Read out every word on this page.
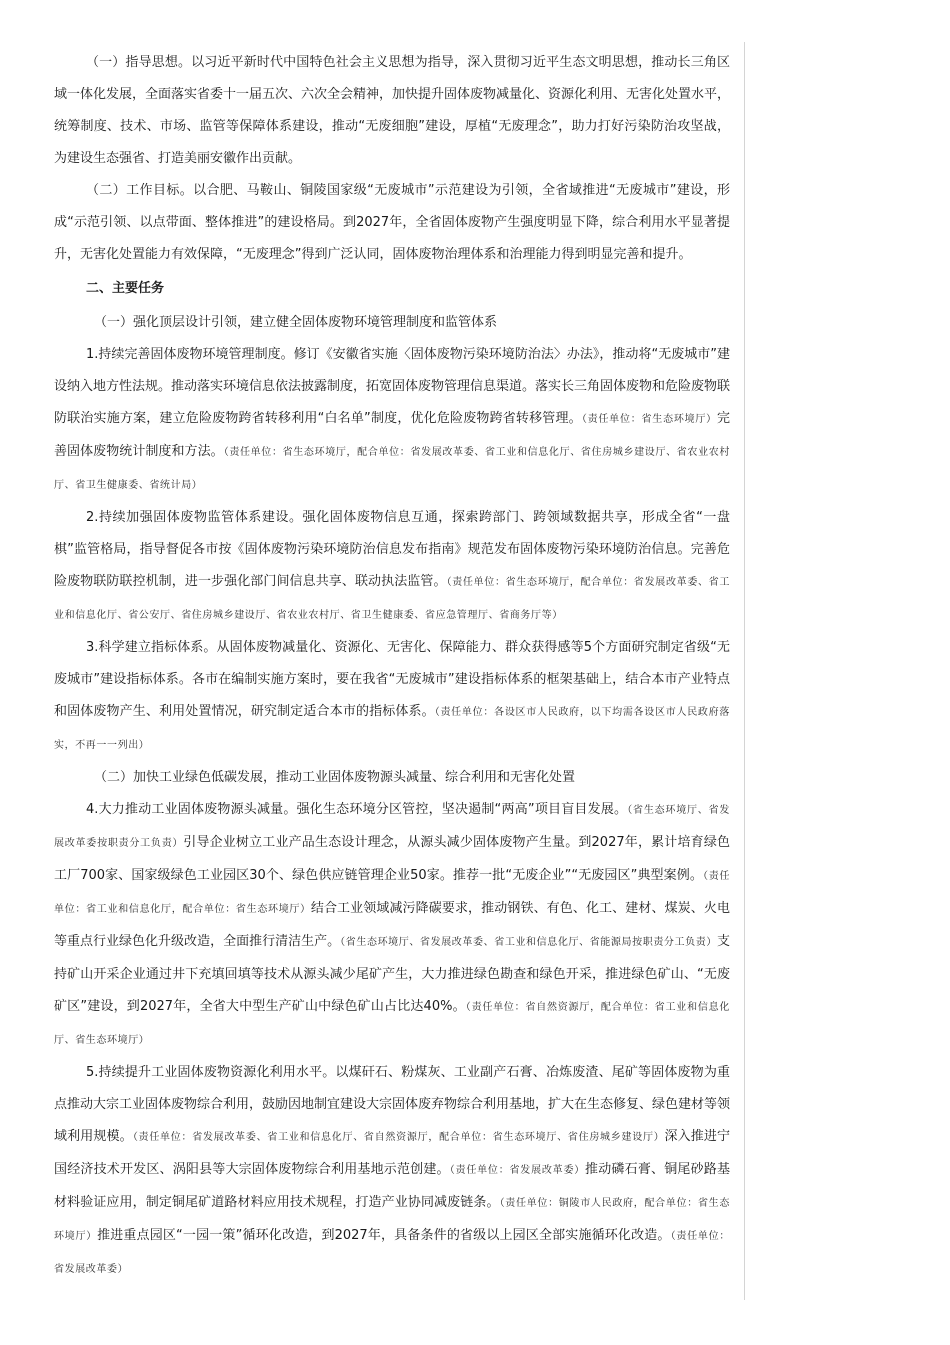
（一）指导思想。以习近平新时代中国特色社会主义思想为指导，深入贯彻习近平生态文明思想，推动长三角区域一体化发展，全面落实省委十一届五次、六次全会精神，加快提升固体废物减量化、资源化利用、无害化处置水平，统筹制度、技术、市场、监管等保障体系建设，推动“无废细胞”建设，厚植“无废理念”，助力打好污染防治攻坚战，为建设生态强省、打造美丽安徽作出贡献。

（二）工作目标。以合肥、马鞍山、铜陵国家级“无废城市”示范建设为引领，全省域推进“无废城市”建设，形成“示范引领、以点带面、整体推进”的建设格局。到2027年，全省固体废物产生强度明显下降，综合利用水平显著提升，无害化处置能力有效保障，“无废理念”得到广泛认同，固体废物治理体系和治理能力得到明显完善和提升。

二、主要任务

（一）强化顶层设计引领，建立健全固体废物环境管理制度和监管体系

1.持续完善固体废物环境管理制度。修订《安徽省实施〈固体废物污染环境防治法〉办法》，推动将“无废城市”建设纳入地方性法规。推动落实环境信息依法披露制度，拓宽固体废物管理信息渠道。落实长三角固体废物和危险废物联防联治实施方案，建立危险废物跨省转移利用“白名单”制度，优化危险废物跨省转移管理。（责任单位：省生态环境厅）完善固体废物统计制度和方法。（责任单位：省生态环境厅，配合单位：省发展改革委、省工业和信息化厅、省住房城乡建设厅、省农业农村厅、省卫生健康委、省统计局）

2.持续加强固体废物监管体系建设。强化固体废物信息互通，探索跨部门、跨领域数据共享，形成全省“一盘棋”监管格局，指导督促各市按《固体废物污染环境防治信息发布指南》规范发布固体废物污染环境防治信息。完善危险废物联防联控机制，进一步强化部门间信息共享、联动执法监管。（责任单位：省生态环境厅，配合单位：省发展改革委、省工业和信息化厅、省公安厅、省住房城乡建设厅、省农业农村厅、省卫生健康委、省应急管理厅、省商务厅等）

3.科学建立指标体系。从固体废物减量化、资源化、无害化、保障能力、群众获得感等5个方面研究制定省级“无废城市”建设指标体系。各市在编制实施方案时，要在我省“无废城市”建设指标体系的框架基础上，结合本市产业特点和固体废物产生、利用处置情况，研究制定适合本市的指标体系。（责任单位：各设区市人民政府，以下均需各设区市人民政府落实，不再一一列出）

（二）加快工业绿色低碳发展，推动工业固体废物源头减量、综合利用和无害化处置

4.大力推动工业固体废物源头减量。强化生态环境分区管控，坚决遏制“两高”项目盲目发展。（省生态环境厅、省发展改革委按职责分工负责）引导企业树立工业产品生态设计理念，从源头减少固体废物产生量。到2027年，累计培育绿色工厂700家、国家级绿色工业园区30个、绿色供应链管理企业50家。推荐一批“无废企业”“无废园区”典型案例。（责任单位：省工业和信息化厅，配合单位：省生态环境厅）结合工业领域减污降碳要求，推动钢铁、有色、化工、建材、煤炭、火电等重点行业绿色化升级改造，全面推行清洁生产。（省生态环境厅、省发展改革委、省工业和信息化厅、省能源局按职责分工负责）支持矿山开采企业通过井下充填回填等技术从源头减少尾矿产生，大力推进绿色勘查和绿色开采，推进绿色矿山、“无废矿区”建设，到2027年，全省大中型生产矿山中绿色矿山占比达40%。（责任单位：省自然资源厅，配合单位：省工业和信息化厅、省生态环境厅）

5.持续提升工业固体废物资源化利用水平。以煤矸石、粉煤灰、工业副产石膏、冶炼废渣、尾矿等固体废物为重点推动大宗工业固体废物综合利用，鼓励因地制宜建设大宗固体废弃物综合利用基地，扩大在生态修复、绿色建材等领域利用规模。（责任单位：省发展改革委、省工业和信息化厅、省自然资源厅，配合单位：省生态环境厅、省住房城乡建设厅）深入推进宁国经济技术开发区、涡阳县等大宗固体废物综合利用基地示范创建。（责任单位：省发展改革委）推动磷石膏、铜尾砂路基材料验证应用，制定铜尾矿道路材料应用技术规程，打造产业协同减废链条。（责任单位：铜陵市人民政府，配合单位：省生态环境厅）推进重点园区“一园一策”循环化改造，到2027年，具备条件的省级以上园区全部实施循环化改造。（责任单位：省发展改革委）
